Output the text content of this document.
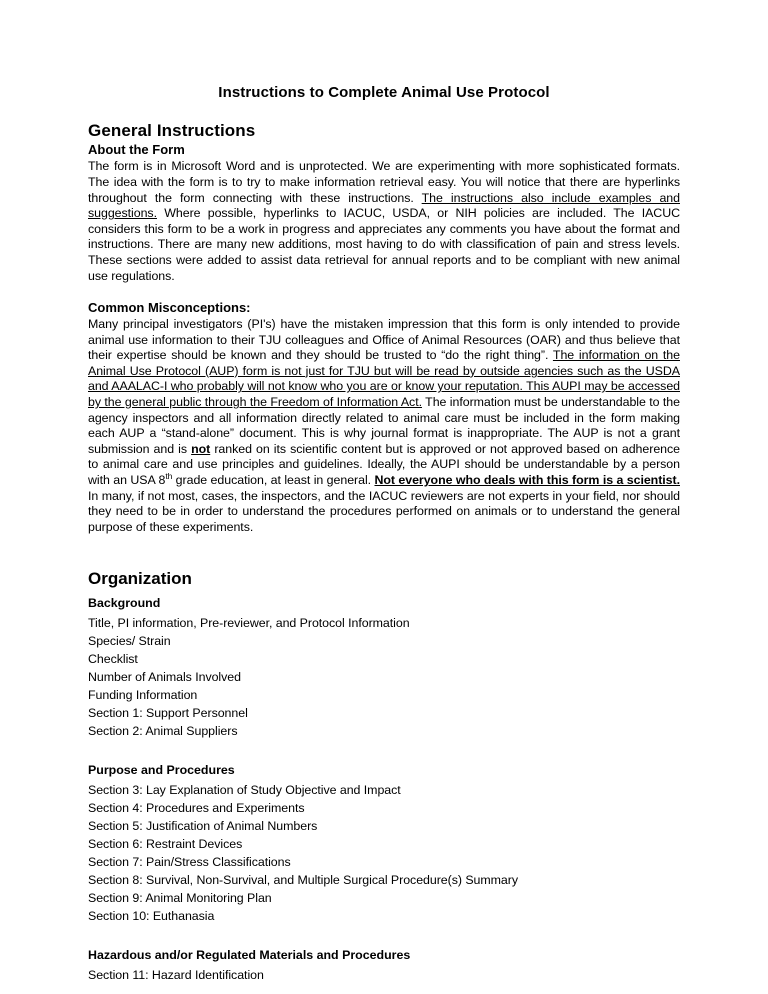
Instructions to Complete Animal Use Protocol
General Instructions
About the Form

The form is in Microsoft Word and is unprotected. We are experimenting with more sophisticated formats. The idea with the form is to try to make information retrieval easy. You will notice that there are hyperlinks throughout the form connecting with these instructions. The instructions also include examples and suggestions. Where possible, hyperlinks to IACUC, USDA, or NIH policies are included. The IACUC considers this form to be a work in progress and appreciates any comments you have about the format and instructions. There are many new additions, most having to do with classification of pain and stress levels. These sections were added to assist data retrieval for annual reports and to be compliant with new animal use regulations.

Common Misconceptions:

Many principal investigators (PI's) have the mistaken impression that this form is only intended to provide animal use information to their TJU colleagues and Office of Animal Resources (OAR) and thus believe that their expertise should be known and they should be trusted to “do the right thing”. The information on the Animal Use Protocol (AUP) form is not just for TJU but will be read by outside agencies such as the USDA and AAALAC-I who probably will not know who you are or know your reputation. This AUPI may be accessed by the general public through the Freedom of Information Act. The information must be understandable to the agency inspectors and all information directly related to animal care must be included in the form making each AUP a “stand-alone” document. This is why journal format is inappropriate. The AUP is not a grant submission and is not ranked on its scientific content but is approved or not approved based on adherence to animal care and use principles and guidelines. Ideally, the AUPI should be understandable by a person with an USA 8th grade education, at least in general. Not everyone who deals with this form is a scientist. In many, if not most, cases, the inspectors, and the IACUC reviewers are not experts in your field, nor should they need to be in order to understand the procedures performed on animals or to understand the general purpose of these experiments.

Organization
Background
Title, PI information, Pre-reviewer, and Protocol Information
Species/ Strain
Checklist
Number of Animals Involved
Funding Information
Section 1: Support Personnel
Section 2: Animal Suppliers
Purpose and Procedures
Section 3: Lay Explanation of Study Objective and Impact
Section 4: Procedures and Experiments
Section 5: Justification of Animal Numbers
Section 6: Restraint Devices
Section 7: Pain/Stress Classifications
Section 8: Survival, Non-Survival, and Multiple Surgical Procedure(s) Summary
Section 9: Animal Monitoring Plan
Section 10: Euthanasia
Hazardous and/or Regulated Materials and Procedures
Section 11: Hazard Identification
